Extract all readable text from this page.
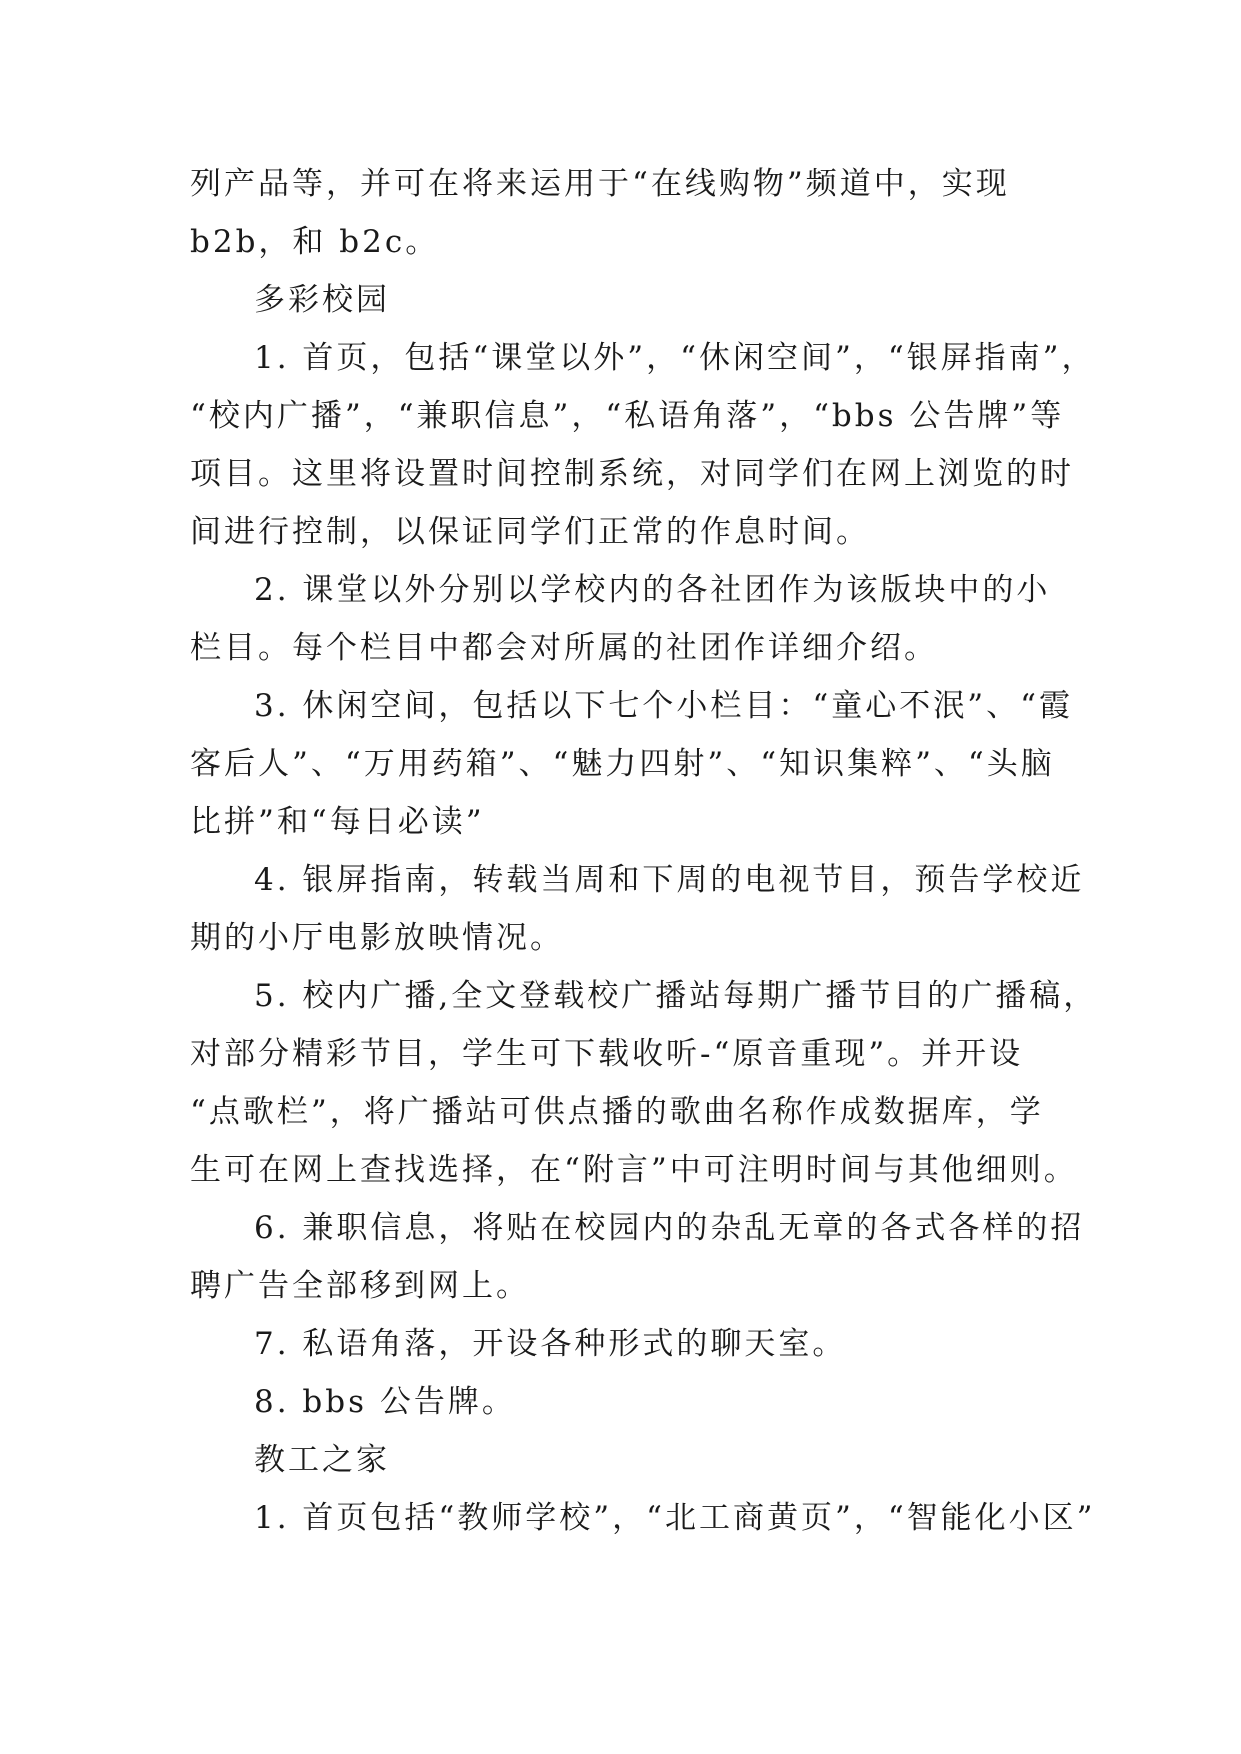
列产品等，并可在将来运用于“在线购物”频道中，实现
b2b，和 b2c。
多彩校园
1. 首页，包括“课堂以外”，“休闲空间”，“银屏指南”，
“校内广播”，“兼职信息”，“私语角落”，“bbs 公告牌”等
项目。这里将设置时间控制系统，对同学们在网上浏览的时
间进行控制，以保证同学们正常的作息时间。
2. 课堂以外分别以学校内的各社团作为该版块中的小
栏目。每个栏目中都会对所属的社团作详细介绍。
3. 休闲空间，包括以下七个小栏目：“童心不泯”、“霞
客后人”、“万用药箱”、“魅力四射”、“知识集粹”、“头脑
比拼”和“每日必读”
4. 银屏指南，转载当周和下周的电视节目，预告学校近
期的小厅电影放映情况。
5. 校内广播,全文登载校广播站每期广播节目的广播稿，
对部分精彩节目，学生可下载收听-“原音重现”。并开设
“点歌栏”，将广播站可供点播的歌曲名称作成数据库，学
生可在网上查找选择，在“附言”中可注明时间与其他细则。
6. 兼职信息，将贴在校园内的杂乱无章的各式各样的招
聘广告全部移到网上。
7. 私语角落，开设各种形式的聊天室。
8. bbs 公告牌。
教工之家
1. 首页包括“教师学校”，“北工商黄页”，“智能化小区”
